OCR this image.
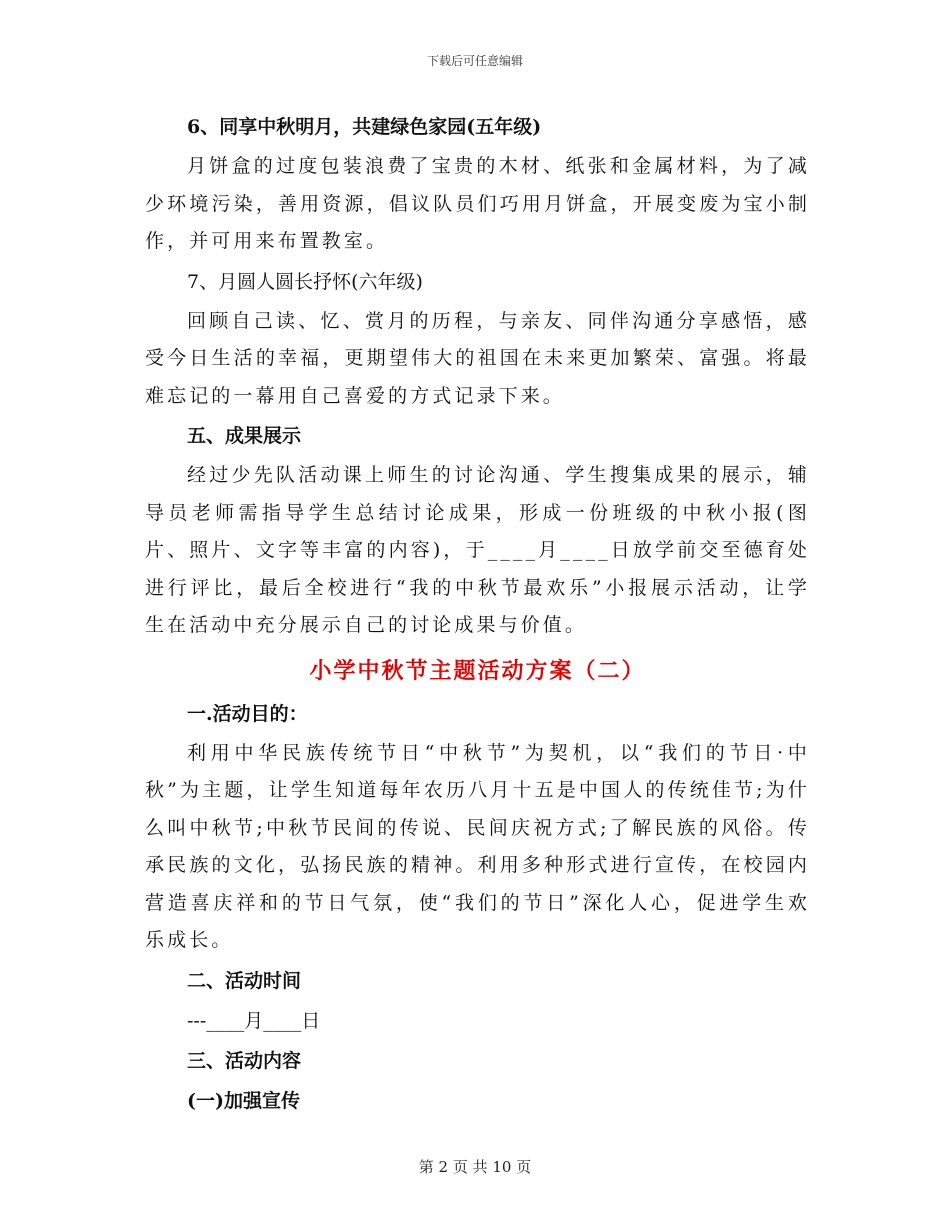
下载后可任意编辑
6、同享中秋明月，共建绿色家园(五年级)

月饼盒的过度包装浪费了宝贵的木材、纸张和金属材料，为了减少环境污染，善用资源，倡议队员们巧用月饼盒，开展变废为宝小制作，并可用来布置教室。

7、月圆人圆长抒怀(六年级)

回顾自己读、忆、赏月的历程，与亲友、同伴沟通分享感悟，感受今日生活的幸福，更期望伟大的祖国在未来更加繁荣、富强。将最难忘记的一幕用自己喜爱的方式记录下来。

五、成果展示

经过少先队活动课上师生的讨论沟通、学生搜集成果的展示，辅导员老师需指导学生总结讨论成果，形成一份班级的中秋小报(图片、照片、文字等丰富的内容)，于____月____日放学前交至德育处进行评比，最后全校进行“我的中秋节最欢乐”小报展示活动，让学生在活动中充分展示自己的讨论成果与价值。

小学中秋节主题活动方案（二）
一.活动目的：

利用中华民族传统节日“中秋节”为契机，以“我们的节日·中秋”为主题，让学生知道每年农历八月十五是中国人的传统佳节;为什么叫中秋节;中秋节民间的传说、民间庆祝方式;了解民族的风俗。传承民族的文化，弘扬民族的精神。利用多种形式进行宣传，在校园内营造喜庆祥和的节日气氛，使“我们的节日”深化人心，促进学生欢乐成长。

二、活动时间
---____月____日
三、活动内容
(一)加强宣传
第 2 页 共 10 页
